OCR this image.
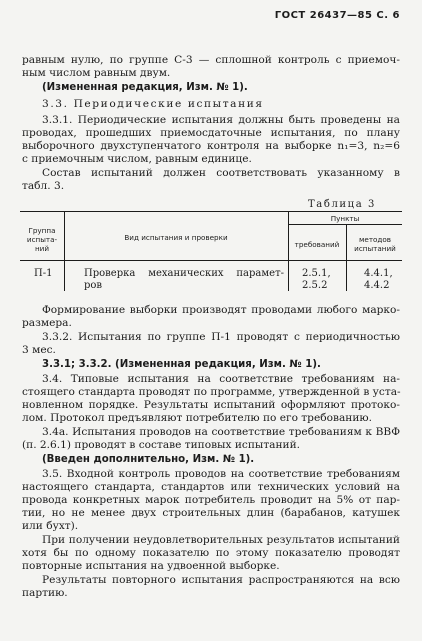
ГОСТ 26437—85 С. 6
равным нулю, по группе С-3 — сплошной контроль с приемоч-
ным числом равным двум.
(Измененная редакция, Изм. № 1).
3.3. Периодические испытания
3.3.1. Периодические испытания должны быть проведены на
проводах, прошедших приемосдаточные испытания, по плану
выборочного двухступенчатого контроля на выборке n₁=3, n₂=6
с приемочным числом, равным единице.
Состав испытаний должен соответствовать указанному в
табл. 3.
Таблица 3
Группа испыта-ний
Вид испытания и проверки
Пункты
требований
методов испытаний
П-1	Проверка механических парамет-
ров
2.5.1,
2.5.2
4.4.1,
4.4.2
Формирование выборки производят проводами любого марко-
размера.
3.3.2. Испытания по группе П-1 проводят с периодичностью
3 мес.
3.3.1; 3.3.2. (Измененная редакция, Изм. № 1).
3.4. Типовые испытания на соответствие требованиям на-
стоящего стандарта проводят по программе, утвержденной в уста-
новленном порядке. Результаты испытаний оформляют протоко-
лом. Протокол предъявляют потребителю по его требованию.
3.4а. Испытания проводов на соответствие требованиям к ВВФ
(п. 2.6.1) проводят в составе типовых испытаний.
(Введен дополнительно, Изм. № 1).
3.5. Входной контроль проводов на соответствие требованиям
настоящего стандарта, стандартов или технических условий на
провода конкретных марок потребитель проводит на 5% от пар-
тии, но не менее двух строительных длин (барабанов, катушек
или бухт).
При получении неудовлетворительных результатов испытаний
хотя бы по одному показателю по этому показателю проводят
повторные испытания на удвоенной выборке.
Результаты повторного испытания распространяются на всю
партию.
